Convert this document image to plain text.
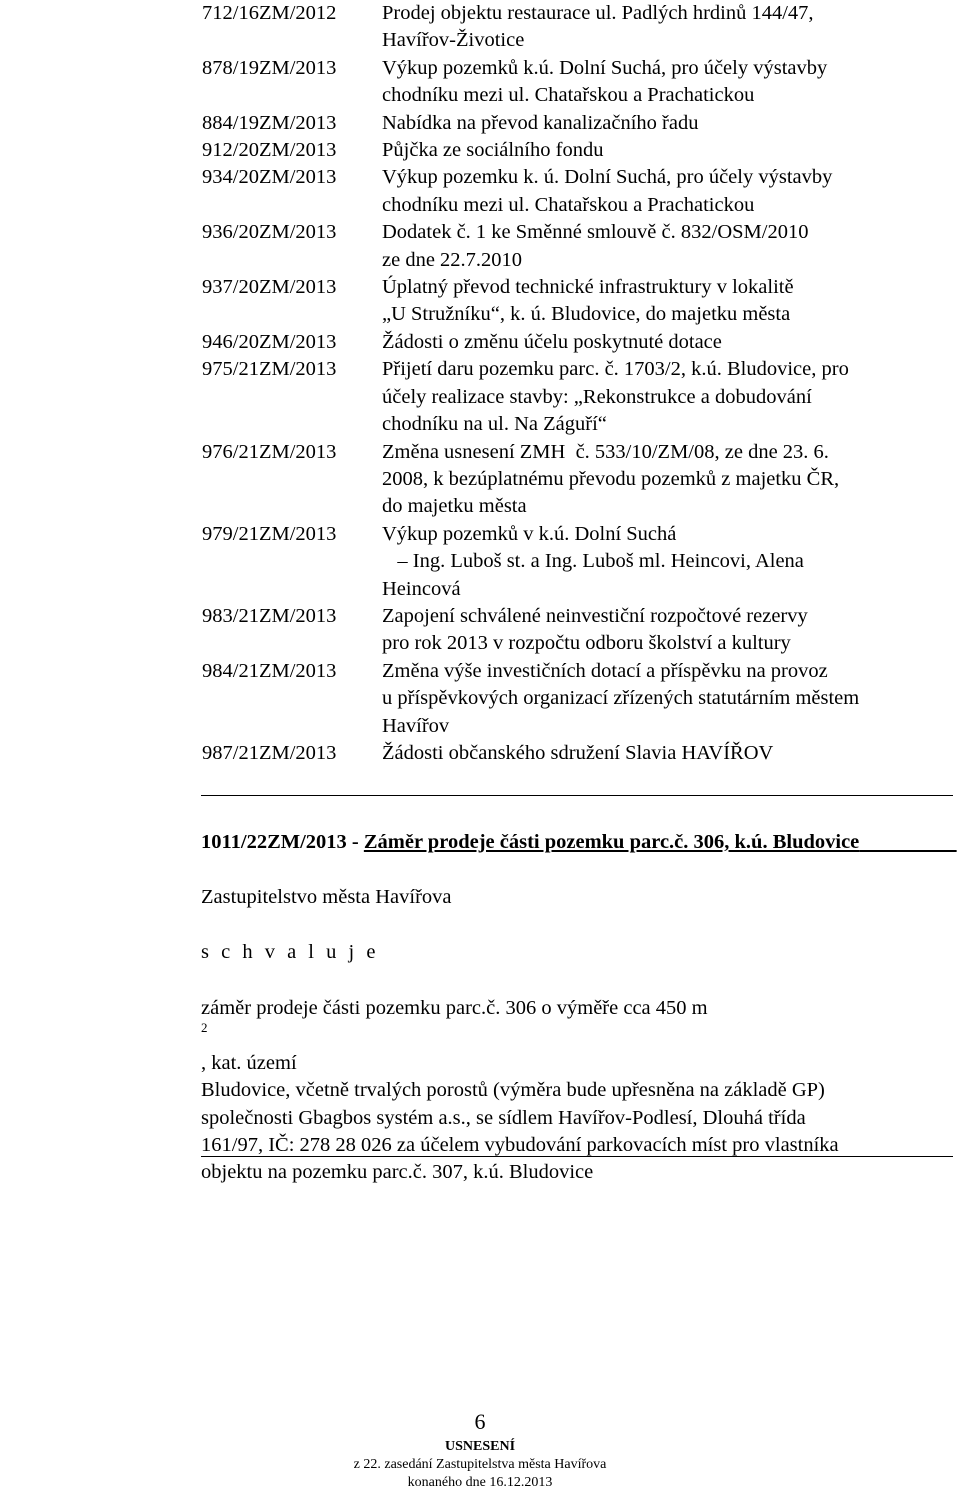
712/16ZM/2012	Prodej objektu restaurace ul. Padlých hrdinů 144/47,
Havířov-Životice
878/19ZM/2013	Výkup pozemků k.ú. Dolní Suchá, pro účely výstavby
chodníku mezi ul. Chatařskou a Prachatickou
884/19ZM/2013	Nabídka na převod kanalizačního řadu
912/20ZM/2013	Půjčka ze sociálního fondu
934/20ZM/2013	Výkup pozemku k. ú. Dolní Suchá, pro účely výstavby
chodníku mezi ul. Chatařskou a Prachatickou
936/20ZM/2013	Dodatek č. 1 ke Směnné smlouvě č. 832/OSM/2010
ze dne 22.7.2010
937/20ZM/2013	Úplatný převod technické infrastruktury v lokalitě
„U Stružníku“, k. ú. Bludovice, do majetku města
946/20ZM/2013	Žádosti o změnu účelu poskytnuté dotace
975/21ZM/2013	Přijetí daru pozemku parc. č. 1703/2, k.ú. Bludovice, pro
účely realizace stavby: „Rekonstrukce a dobudování
chodníku na ul. Na Záguří“
976/21ZM/2013	Změna usnesení ZMH  č. 533/10/ZM/08, ze dne 23. 6.
2008, k bezúplatnému převodu pozemků z majetku ČR,
do majetku města
979/21ZM/2013	Výkup pozemků v k.ú. Dolní Suchá
– Ing. Luboš st. a Ing. Luboš ml. Heincovi, Alena
Heincová
983/21ZM/2013	Zapojení schválené neinvestiční rozpočtové rezervy
pro rok 2013 v rozpočtu odboru školství a kultury
984/21ZM/2013	Změna výše investičních dotací a příspěvku na provoz
u příspěvkových organizací zřízených statutárním městem
Havířov
987/21ZM/2013	Žádosti občanského sdružení Slavia HAVÍŘOV
1011/22ZM/2013 - Záměr prodeje části pozemku parc.č. 306, k.ú. Bludovice
Zastupitelstvo města Havířova
s c h v a l u j e
záměr prodeje části pozemku parc.č. 306 o výměře cca 450 m
$^2$
, kat. území
Bludovice, včetně trvalých porostů (výměra bude upřesněna na základě GP)
společnosti Gbagbos systém a.s., se sídlem Havířov-Podlesí, Dlouhá třída
161/97, IČ: 278 28 026 za účelem vybudování parkovacích míst pro vlastníka
objektu na pozemku parc.č. 307, k.ú. Bludovice
6
USNESENÍ
z 22. zasedání Zastupitelstva města Havířova
konaného dne 16.12.2013
